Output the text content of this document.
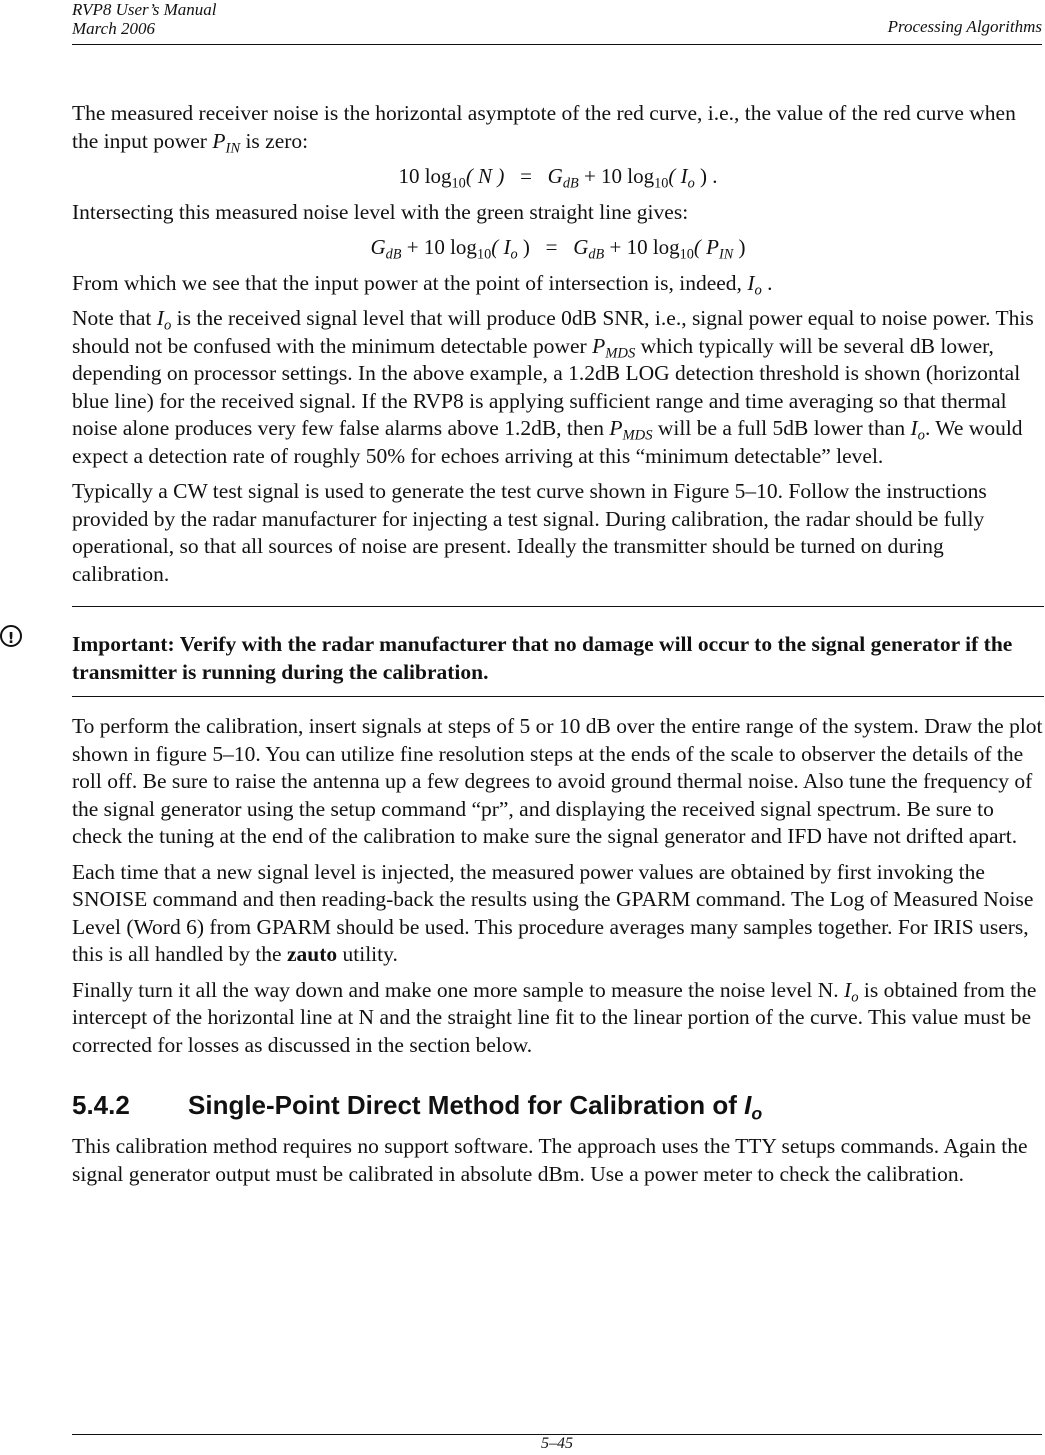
RVP8 User’s Manual
March 2006	Processing Algorithms

The measured receiver noise is the horizontal asymptote of the red curve, i.e., the value of the red curve when the input power $P_{IN}$ is zero:

10 $\log_{10}$( N ) = $G_{dB} + 10$ $\log_{10}$( $I_o$ ) .

Intersecting this measured noise level with the green straight line gives:

$G_{dB} + 10$ $\log_{10}$( $I_o$ ) = $G_{dB} + 10$ $\log_{10}$( $P_{IN}$ )

From which we see that the input power at the point of intersection is, indeed, $I_o$ .

Note that $I_o$ is the received signal level that will produce 0dB SNR, i.e., signal power equal to noise power. This should not be confused with the minimum detectable power $P_{MDS}$ which typically will be several dB lower, depending on processor settings. In the above example, a 1.2dB LOG detection threshold is shown (horizontal blue line) for the received signal. If the RVP8 is applying sufficient range and time averaging so that thermal noise alone produces very few false alarms above 1.2dB, then $P_{MDS}$ will be a full 5dB lower than $I_o$. We would expect a detection rate of roughly 50% for echoes arriving at this “minimum detectable” level.

Typically a CW test signal is used to generate the test curve shown in Figure 5–10. Follow the instructions provided by the radar manufacturer for injecting a test signal. During calibration, the radar should be fully operational, so that all sources of noise are present. Ideally the transmitter should be turned on during calibration.

!	Important: Verify with the radar manufacturer that no damage will occur to the signal generator if the transmitter is running during the calibration.

To perform the calibration, insert signals at steps of 5 or 10 dB over the entire range of the system. Draw the plot shown in figure 5–10. You can utilize fine resolution steps at the ends of the scale to observer the details of the roll off. Be sure to raise the antenna up a few degrees to avoid ground thermal noise. Also tune the frequency of the signal generator using the setup command “pr”, and displaying the received signal spectrum. Be sure to check the tuning at the end of the calibration to make sure the signal generator and IFD have not drifted apart.

Each time that a new signal level is injected, the measured power values are obtained by first invoking the SNOISE command and then reading-back the results using the GPARM command. The Log of Measured Noise Level (Word 6) from GPARM should be used. This procedure averages many samples together. For IRIS users, this is all handled by the zauto utility.

Finally turn it all the way down and make one more sample to measure the noise level N. $I_o$ is obtained from the intercept of the horizontal line at N and the straight line fit to the linear portion of the curve. This value must be corrected for losses as discussed in the section below.

5.4.2 Single-Point Direct Method for Calibration of $I_o$

This calibration method requires no support software. The approach uses the TTY setups commands. Again the signal generator output must be calibrated in absolute dBm. Use a power meter to check the calibration.

5–45
